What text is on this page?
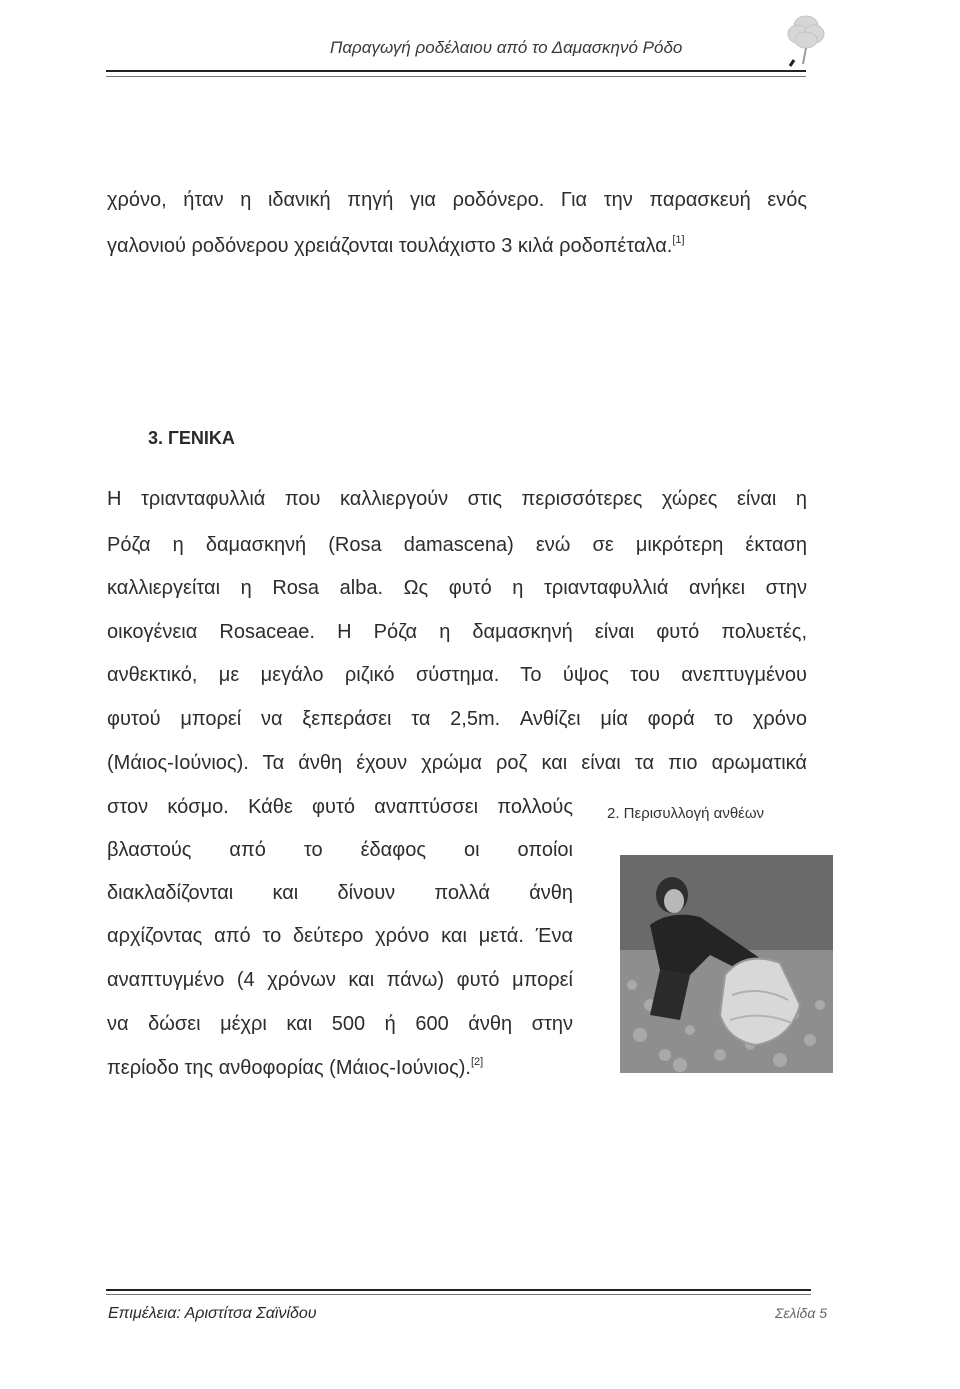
Παραγωγή ροδέλαιου από το Δαμασκηνό Ρόδο
χρόνο, ήταν η ιδανική πηγή για ροδόνερο. Για την παρασκευή ενός
γαλονιού ροδόνερου χρειάζονται τουλάχιστο 3 κιλά ροδοπέταλα.[1]
3. ΓΕΝΙΚΑ
Η τριανταφυλλιά που καλλιεργούν στις περισσότερες χώρες είναι η
Ρόζα η δαμασκηνή (Rosa damascena) ενώ σε μικρότερη έκταση
καλλιεργείται η Rosa alba. Ως φυτό η τριανταφυλλιά ανήκει στην
οικογένεια Rosaceae. Η Ρόζα η δαμασκηνή είναι φυτό πολυετές,
ανθεκτικό, με μεγάλο ριζικό σύστημα. Το ύψος του ανεπτυγμένου
φυτού μπορεί να ξεπεράσει τα 2,5m. Ανθίζει μία φορά το χρόνο
(Μάιος-Ιούνιος). Τα άνθη έχουν χρώμα ροζ και είναι τα πιο αρωματικά
στον κόσμο. Κάθε φυτό αναπτύσσει πολλούς
βλαστούς από το έδαφος οι οποίοι
διακλαδίζονται και δίνουν πολλά άνθη
αρχίζοντας από το δεύτερο χρόνο και μετά. Ένα
αναπτυγμένο (4 χρόνων και πάνω) φυτό μπορεί
να δώσει μέχρι και 500 ή 600 άνθη στην
περίοδο της ανθοφορίας (Μάιος-Ιούνιος).[2]
2. Περισυλλογή ανθέων
Επιμέλεια: Αριστίτσα Σαϊνίδου	Σελίδα 5
